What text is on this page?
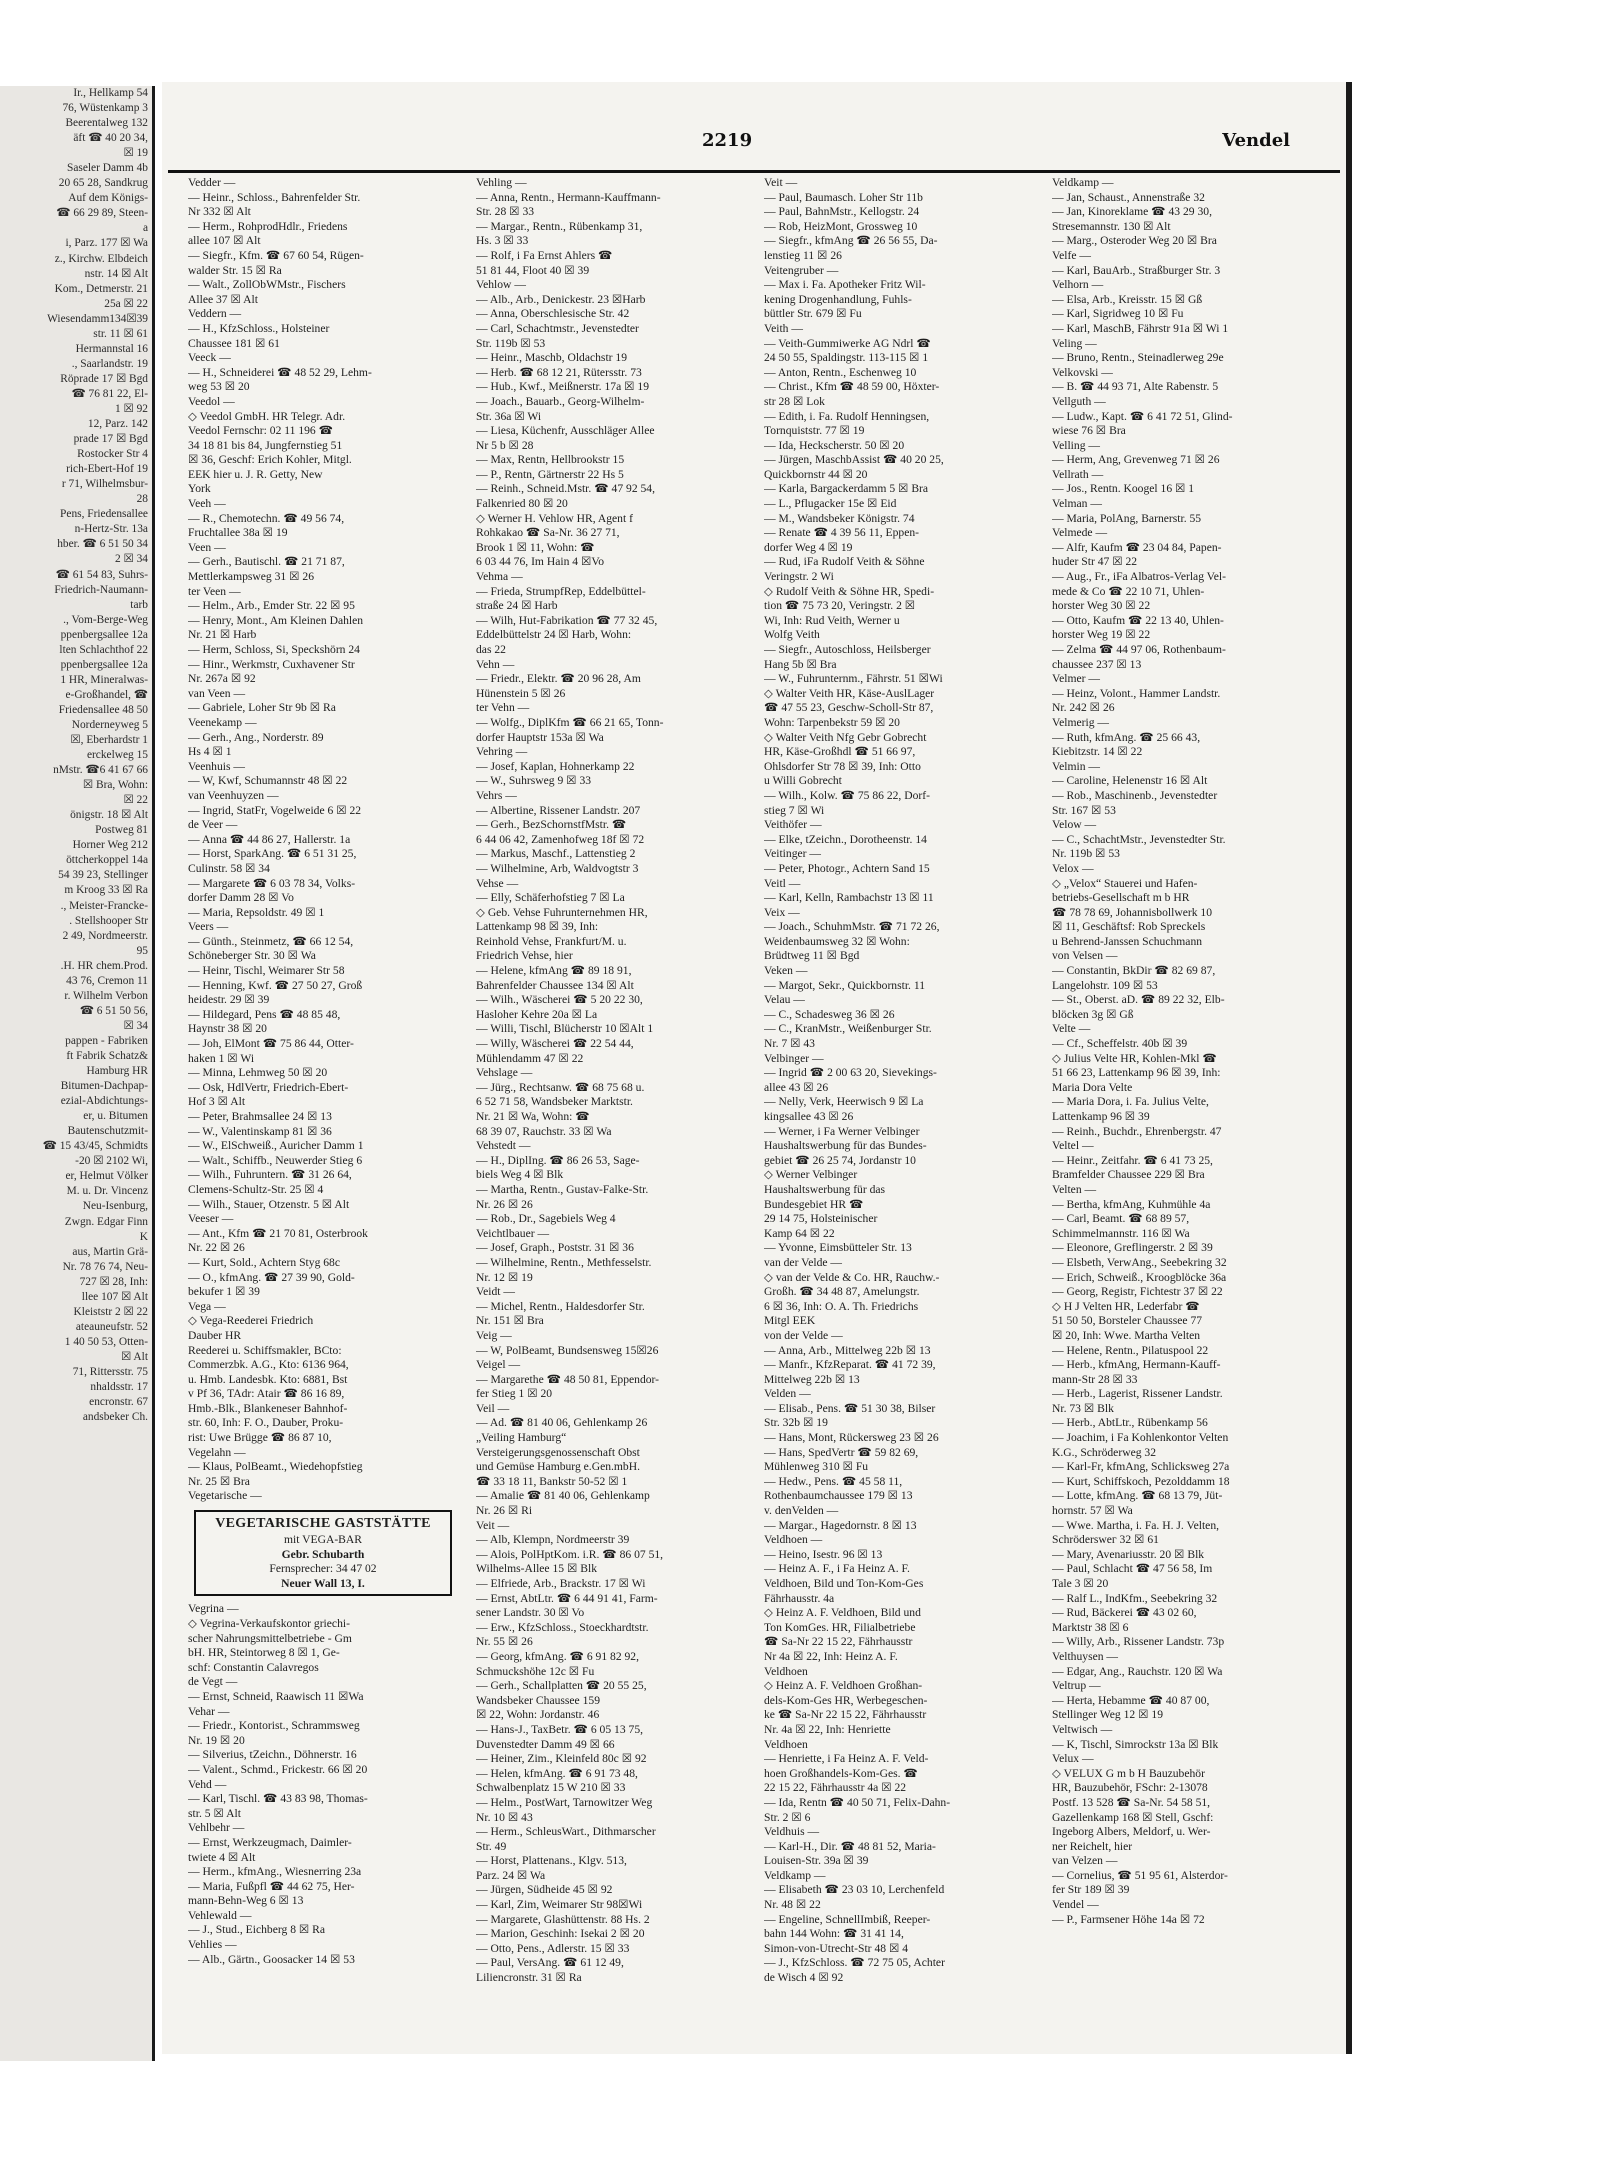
Ir., Hellkamp 54
76, Wüstenkamp 3
Beerentalweg 132
äft ☎ 40 20 34,
☒ 19
Saseler Damm 4b
20 65 28, Sandkrug
Auf dem Königs-
☎ 66 29 89, Steen-
a
i, Parz. 177 ☒ Wa
z., Kirchw. Elbdeich
nstr. 14 ☒ Alt
Kom., Detmerstr. 21
25a ☒ 22
Wiesendamm134☒39
str. 11 ☒ 61
Hermannstal 16
., Saarlandstr. 19
Röpradе 17 ☒ Bgd
☎ 76 81 22, El-
1 ☒ 92
12, Parz. 142
prade 17 ☒ Bgd
Rostocker Str 4
rich-Ebert-Hof 19
r 71, Wilhelmsbur-
28
Pens, Friedensallee
n-Hertz-Str. 13a
hber. ☎ 6 51 50 34
2 ☒ 34
☎ 61 54 83, Suhrs-
Friedrich-Naumann-
tarb
., Vom-Berge-Weg
ppenbergsallee 12a
lten Schlachthof 22
ppenbergsallee 12a
1 HR, Mineralwas-
e-Großhandel, ☎
Friedensallee 48 50
Norderneyweg 5
☒, Eberhardstr 1
erckelweg 15
nMstr. ☎6 41 67 66
☒ Bra, Wohn:
☒ 22
önigstr. 18 ☒ Alt
Postweg 81
Horner Weg 212
öttcherkoppel 14a
54 39 23, Stellinger
m Kroog 33 ☒ Ra
., Meister-Francke-
. Stellshooper Str
2 49, Nordmeerstr.
95
.H. HR chem.Prod.
43 76, Cremon 11
r. Wilhelm Verbon
☎ 6 51 50 56,
☒ 34
pappen - Fabriken
ft Fabrik Schatz&
Hamburg HR
Bitumen-Dachpap-
ezial-Abdichtungs-
er, u. Bitumen
Bautenschutzmit-
☎ 15 43/45, Schmidts
-20 ☒ 2102 Wi,
er, Helmut Völker
M. u. Dr. Vincenz
Neu-Isenburg,
Zwgn. Edgar Finn
K
aus, Martin Grä-
Nr. 78 76 74, Neu-
727 ☒ 28, Inh:
llee 107 ☒ Alt
Kleiststr 2 ☒ 22
ateauneufstr. 52
1 40 50 53, Otten-
☒ Alt
71, Rittersstr. 75
nhaldsstr. 17
encronstr. 67
andsbeker Ch.
2219	Vendel
Vedder —
— Heinr., Schloss., Bahrenfelder Str.
Nr 332 ☒ Alt
— Herm., RohprodHdlr., Friedens
allee 107 ☒ Alt
— Siegfr., Kfm. ☎ 67 60 54, Rügen-
walder Str. 15 ☒ Ra
— Walt., ZollObWMstr., Fischers
Allee 37 ☒ Alt
Veddern —
— H., KfzSchloss., Holsteiner
Chaussee 181 ☒ 61
Veeck —
— H., Schneiderei ☎ 48 52 29, Lehm-
weg 53 ☒ 20
Veedol —
◇ Veedol GmbH. HR Telegr. Adr.
Veedol Fernschr: 02 11 196 ☎
34 18 81 bis 84, Jungfernstieg 51
☒ 36, Geschf: Erich Kohler, Mitgl.
EEK hier u. J. R. Getty, New
York
Veeh —
— R., Chemotechn. ☎ 49 56 74,
Fruchtallee 38a ☒ 19
Veen —
— Gerh., Bautischl. ☎ 21 71 87,
Mettlerkampsweg 31 ☒ 26
ter Veen —
— Helm., Arb., Emder Str. 22 ☒ 95
— Henry, Mont., Am Kleinen Dahlen
Nr. 21 ☒ Harb
— Herm, Schloss, Si, Speckshörn 24
— Hinr., Werkmstr, Cuxhavener Str
Nr. 267a ☒ 92
van Veen —
— Gabriele, Loher Str 9b ☒ Ra
Veenekamp —
— Gerh., Ang., Norderstr. 89
Hs 4 ☒ 1
Veenhuis —
— W, Kwf, Schumannstr 48 ☒ 22
van Veenhuyzen —
— Ingrid, StatFr, Vogelweide 6 ☒ 22
de Veer —
— Anna ☎ 44 86 27, Hallerstr. 1a
— Horst, SparkAng. ☎ 6 51 31 25,
Culinstr. 58 ☒ 34
— Margarete ☎ 6 03 78 34, Volks-
dorfer Damm 28 ☒ Vo
— Maria, Repsoldstr. 49 ☒ 1
Veers —
— Günth., Steinmetz, ☎ 66 12 54,
Schöneberger Str. 30 ☒ Wa
— Heinr, Tischl, Weimarer Str 58
— Henning, Kwf. ☎ 27 50 27, Groß
heidestr. 29 ☒ 39
— Hildegard, Pens ☎ 48 85 48,
Haynstr 38 ☒ 20
— Joh, ElMont ☎ 75 86 44, Otter-
haken 1 ☒ Wi
— Minna, Lehmweg 50 ☒ 20
— Osk, HdlVertr, Friedrich-Ebert-
Hof 3 ☒ Alt
— Peter, Brahmsallee 24 ☒ 13
— W., Valentinskamp 81 ☒ 36
— W., ElSchweiß., Auricher Damm 1
— Walt., Schiffb., Neuwerder Stieg 6
— Wilh., Fuhruntern. ☎ 31 26 64,
Clemens-Schultz-Str. 25 ☒ 4
— Wilh., Stauer, Otzenstr. 5 ☒ Alt
Veeser —
— Ant., Kfm ☎ 21 70 81, Osterbrook
Nr. 22 ☒ 26
— Kurt, Sold., Achtern Styg 68c
— O., kfmAng. ☎ 27 39 90, Gold-
bekufer 1 ☒ 39
Vega —
◇ Vega-Reederei Friedrich
Dauber HR
Reederei u. Schiffsmakler, BCto:
Commerzbk. A.G., Kto: 6136 964,
u. Hmb. Landesbk. Kto: 6881, Bst
v Pf 36, TAdr: Atair ☎ 86 16 89,
Hmb.-Blk., Blankeneser Bahnhof-
str. 60, Inh: F. O., Dauber, Proku-
rist: Uwe Brügge ☎ 86 87 10,
Vegelahn —
— Klaus, PolBeamt., Wiedehopfstieg
Nr. 25 ☒ Bra
Vegetarische —
VEGETARISCHE GASTSTÄTTE
mit VEGA-BAR
Gebr. Schubarth
Fernsprecher: 34 47 02
Neuer Wall 13, I.
Vegrina —
◇ Vegrina-Verkaufskontor griechi-
scher Nahrungsmittelbetriebe - Gm
bH. HR, Steintorweg 8 ☒ 1, Ge-
schf: Constantin Calavregos
de Vegt —
— Ernst, Schneid, Raawisch 11 ☒Wa
Vehar —
— Friedr., Kontorist., Schrammsweg
Nr. 19 ☒ 20
— Silverius, tZeichn., Döhnerstr. 16
— Valent., Schmd., Frickestr. 66 ☒ 20
Vehd —
— Karl, Tischl. ☎ 43 83 98, Thomas-
str. 5 ☒ Alt
Vehlbehr —
— Ernst, Werkzeugmach, Daimler-
twiete 4 ☒ Alt
— Herm., kfmAng., Wiesnerring 23a
— Maria, Fußpfl ☎ 44 62 75, Her-
mann-Behn-Weg 6 ☒ 13
Vehlewald —
— J., Stud., Eichberg 8 ☒ Ra
Vehlies —
— Alb., Gärtn., Goosacker 14 ☒ 53
Vehling —
— Anna, Rentn., Hermann-Kauffmann-
Str. 28 ☒ 33
— Margar., Rentn., Rübenkamp 31,
Hs. 3 ☒ 33
— Rolf, i Fa Ernst Ahlers ☎
51 81 44, Floot 40 ☒ 39
Vehlow —
— Alb., Arb., Denickestr. 23 ☒Harb
— Anna, Oberschlesische Str. 42
— Carl, Schachtmstr., Jevenstedter
Str. 119b ☒ 53
— Heinr., Maschb, Oldachstr 19
— Herb. ☎ 68 12 21, Rütersstr. 73
— Hub., Kwf., Meißnerstr. 17a ☒ 19
— Joach., Bauarb., Georg-Wilhelm-
Str. 36a ☒ Wi
— Liesa, Küchenfr, Ausschläger Allee
Nr 5 b ☒ 28
— Max, Rentn, Hellbrookstr 15
— P., Rentn, Gärtnerstr 22 Hs 5
— Reinh., Schneid.Mstr. ☎ 47 92 54,
Falkenried 80 ☒ 20
◇ Werner H. Vehlow HR, Agent f
Rohkakao ☎ Sa-Nr. 36 27 71,
Brook 1 ☒ 11, Wohn: ☎
6 03 44 76, Im Hain 4 ☒Vo
Vehma —
— Frieda, StrumpfRep, Eddelbüttel-
straße 24 ☒ Harb
— Wilh, Hut-Fabrikation ☎ 77 32 45,
Eddelbüttelstr 24 ☒ Harb, Wohn:
das 22
Vehn —
— Friedr., Elektr. ☎ 20 96 28, Am
Hünenstein 5 ☒ 26
ter Vehn —
— Wolfg., DiplKfm ☎ 66 21 65, Tonn-
dorfer Hauptstr 153a ☒ Wa
Vehring —
— Josef, Kaplan, Hohnerkamp 22
— W., Suhrsweg 9 ☒ 33
Vehrs —
— Albertine, Rissener Landstr. 207
— Gerh., BezSchornstfMstr. ☎
6 44 06 42, Zamenhofweg 18f ☒ 72
— Markus, Maschf., Lattenstieg 2
— Wilhelmine, Arb, Waldvogtstr 3
Vehse —
— Elly, Schäferhofstieg 7 ☒ La
◇ Geb. Vehse Fuhrunternehmen HR,
Lattenkamp 98 ☒ 39, Inh:
Reinhold Vehse, Frankfurt/M. u.
Friedrich Vehse, hier
— Helene, kfmAng ☎ 89 18 91,
Bahrenfelder Chaussee 134 ☒ Alt
— Wilh., Wäscherei ☎ 5 20 22 30,
Hasloher Kehre 20a ☒ La
— Willi, Tischl, Blücherstr 10 ☒Alt 1
— Willy, Wäscherei ☎ 22 54 44,
Mühlendamm 47 ☒ 22
Vehslage —
— Jürg., Rechtsanw. ☎ 68 75 68 u.
6 52 71 58, Wandsbeker Marktstr.
Nr. 21 ☒ Wa, Wohn: ☎
68 39 07, Rauchstr. 33 ☒ Wa
Vehstedt —
— H., DiplIng. ☎ 86 26 53, Sage-
biels Weg 4 ☒ Blk
— Martha, Rentn., Gustav-Falke-Str.
Nr. 26 ☒ 26
— Rob., Dr., Sagebiels Weg 4
Veichtlbauer —
— Josef, Graph., Poststr. 31 ☒ 36
— Wilhelmine, Rentn., Methfesselstr.
Nr. 12 ☒ 19
Veidt —
— Michel, Rentn., Haldesdorfer Str.
Nr. 151 ☒ Bra
Veig —
— W, PolBeamt, Bundsensweg 15☒26
Veigel —
— Margarethe ☎ 48 50 81, Eppendor-
fer Stieg 1 ☒ 20
Veil —
— Ad. ☎ 81 40 06, Gehlenkamp 26
„Veiling Hamburg“
Versteigerungsgenossenschaft Obst
und Gemüse Hamburg e.Gen.mbH.
☎ 33 18 11, Bankstr 50-52 ☒ 1
— Amalie ☎ 81 40 06, Gehlenkamp
Nr. 26 ☒ Ri
Veit —
— Alb, Klempn, Nordmeerstr 39
— Alois, PolHptKom. i.R. ☎ 86 07 51,
Wilhelms-Allee 15 ☒ Blk
— Elfriede, Arb., Brackstr. 17 ☒ Wi
— Ernst, AbtLtr. ☎ 6 44 91 41, Farm-
sener Landstr. 30 ☒ Vo
— Erw., KfzSchloss., Stoeckhardtstr.
Nr. 55 ☒ 26
— Georg, kfmAng. ☎ 6 91 82 92,
Schmuckshöhe 12c ☒ Fu
— Gerh., Schallplatten ☎ 20 55 25,
Wandsbeker Chaussee 159
☒ 22, Wohn: Jordanstr. 46
— Hans-J., TaxBetr. ☎ 6 05 13 75,
Duvenstedter Damm 49 ☒ 66
— Heiner, Zim., Kleinfeld 80c ☒ 92
— Helen, kfmAng. ☎ 6 91 73 48,
Schwalbenplatz 15 W 210 ☒ 33
— Helm., PostWart, Tarnowitzer Weg
Nr. 10 ☒ 43
— Herm., SchleusWart., Dithmarscher
Str. 49
— Horst, Plattenans., Klgv. 513,
Parz. 24 ☒ Wa
— Jürgen, Südheide 45 ☒ 92
— Karl, Zim, Weimarer Str 98☒Wi
— Margarete, Glashüttenstr. 88 Hs. 2
— Marion, Geschinh: Isekai 2 ☒ 20
— Otto, Pens., Adlerstr. 15 ☒ 33
— Paul, VersAng. ☎ 61 12 49,
Liliencronstr. 31 ☒ Ra
Veit —
— Paul, Baumasch. Loher Str 11b
— Paul, BahnMstr., Kellogstr. 24
— Rob, HeizMont, Grossweg 10
— Siegfr., kfmAng ☎ 26 56 55, Da-
lenstieg 11 ☒ 26
Veitengruber —
— Max i. Fa. Apotheker Fritz Wil-
kening Drogenhandlung, Fuhls-
büttler Str. 679 ☒ Fu
Veith —
— Veith-Gummiwerke AG Ndrl ☎
24 50 55, Spaldingstr. 113-115 ☒ 1
— Anton, Rentn., Eschenweg 10
— Christ., Kfm ☎ 48 59 00, Höxter-
str 28 ☒ Lok
— Edith, i. Fa. Rudolf Henningsen,
Tornquiststr. 77 ☒ 19
— Ida, Heckscherstr. 50 ☒ 20
— Jürgen, MaschbAssist ☎ 40 20 25,
Quickbornstr 44 ☒ 20
— Karla, Bargackerdamm 5 ☒ Bra
— L., Pflugacker 15e ☒ Eid
— M., Wandsbeker Königstr. 74
— Renate ☎ 4 39 56 11, Eppen-
dorfer Weg 4 ☒ 19
— Rud, iFa Rudolf Veith & Söhne
Veringstr. 2 Wi
◇ Rudolf Veith & Söhne HR, Spedi-
tion ☎ 75 73 20, Veringstr. 2 ☒
Wi, Inh: Rud Veith, Werner u
Wolfg Veith
— Siegfr., Autoschloss, Heilsberger
Hang 5b ☒ Bra
— W., Fuhrunternm., Fährstr. 51 ☒Wi
◇ Walter Veith HR, Käse-AuslLager
☎ 47 55 23, Geschw-Scholl-Str 87,
Wohn: Tarpenbekstr 59 ☒ 20
◇ Walter Veith Nfg Gebr Gobrecht
HR, Käse-Großhdl ☎ 51 66 97,
Ohlsdorfer Str 78 ☒ 39, Inh: Otto
u Willi Gobrecht
— Wilh., Kolw. ☎ 75 86 22, Dorf-
stieg 7 ☒ Wi
Veithöfer —
— Elke, tZeichn., Dorotheenstr. 14
Veitinger —
— Peter, Photogr., Achtern Sand 15
Veitl —
— Karl, Kelln, Rambachstr 13 ☒ 11
Veix —
— Joach., SchuhmMstr. ☎ 71 72 26,
Weidenbaumsweg 32 ☒ Wohn:
Brüdtweg 11 ☒ Bgd
Veken —
— Margot, Sekr., Quickbornstr. 11
Velau —
— C., Schadesweg 36 ☒ 26
— C., KranMstr., Weißenburger Str.
Nr. 7 ☒ 43
Velbinger —
— Ingrid ☎ 2 00 63 20, Sievekings-
allee 43 ☒ 26
— Nelly, Verk, Heerwisch 9 ☒ La
kingsallee 43 ☒ 26
— Werner, i Fa Werner Velbinger
Haushaltswerbung für das Bundes-
gebiet ☎ 26 25 74, Jordanstr 10
◇ Werner Velbinger
Haushaltswerbung für das
Bundesgebiet HR ☎
29 14 75, Holsteinischer
Kamp 64 ☒ 22
— Yvonne, Eimsbütteler Str. 13
van der Velde —
◇ van der Velde & Co. HR, Rauchw.-
Großh. ☎ 34 48 87, Amelungstr.
6 ☒ 36, Inh: O. A. Th. Friedrichs
Mitgl EEK
von der Velde —
— Anna, Arb., Mittelweg 22b ☒ 13
— Manfr., KfzReparat. ☎ 41 72 39,
Mittelweg 22b ☒ 13
Velden —
— Elisab., Pens. ☎ 51 30 38, Bilser
Str. 32b ☒ 19
— Hans, Mont, Rückersweg 23 ☒ 26
— Hans, SpedVertr ☎ 59 82 69,
Mühlenweg 310 ☒ Fu
— Hedw., Pens. ☎ 45 58 11,
Rothenbaumchaussee 179 ☒ 13
v. denVelden —
— Margar., Hagedornstr. 8 ☒ 13
Veldhoen —
— Heino, Isestr. 96 ☒ 13
— Heinz A. F., i Fa Heinz A. F.
Veldhoen, Bild und Ton-Kom-Ges
Fährhausstr. 4a
◇ Heinz A. F. Veldhoen, Bild und
Ton KomGes. HR, Filialbetriebe
☎ Sa-Nr 22 15 22, Fährhausstr
Nr 4a ☒ 22, Inh: Heinz A. F.
Veldhoen
◇ Heinz A. F. Veldhoen Großhan-
dels-Kom-Ges HR, Werbegeschen-
ke ☎ Sa-Nr 22 15 22, Fährhausstr
Nr. 4a ☒ 22, Inh: Henriette
Veldhoen
— Henriette, i Fa Heinz A. F. Veld-
hoen Großhandels-Kom-Ges. ☎
22 15 22, Fährhausstr 4a ☒ 22
— Ida, Rentn ☎ 40 50 71, Felix-Dahn-
Str. 2 ☒ 6
Veldhuis —
— Karl-H., Dir. ☎ 48 81 52, Maria-
Louisen-Str. 39a ☒ 39
Veldkamp —
— Elisabeth ☎ 23 03 10, Lerchenfeld
Nr. 48 ☒ 22
— Engeline, SchnellImbiß, Reeper-
bahn 144 Wohn: ☎ 31 41 14,
Simon-von-Utrecht-Str 48 ☒ 4
— J., KfzSchloss. ☎ 72 75 05, Achter
de Wisch 4 ☒ 92
Veldkamp —
— Jan, Schaust., Annenstraße 32
— Jan, Kinoreklame ☎ 43 29 30,
Stresemannstr. 130 ☒ Alt
— Marg., Osteroder Weg 20 ☒ Bra
Velfe —
— Karl, BauArb., Straßburger Str. 3
Velhorn —
— Elsa, Arb., Kreisstr. 15 ☒ Gß
— Karl, Sigridweg 10 ☒ Fu
— Karl, MaschB, Fährstr 91a ☒ Wi 1
Veling —
— Bruno, Rentn., Steinadlerweg 29e
Velkovski —
— B. ☎ 44 93 71, Alte Rabenstr. 5
Vellguth —
— Ludw., Kapt. ☎ 6 41 72 51, Glind-
wiese 76 ☒ Bra
Velling —
— Herm, Ang, Grevenweg 71 ☒ 26
Vellrath —
— Jos., Rentn. Koogel 16 ☒ 1
Velman —
— Maria, PolAng, Barnerstr. 55
Velmede —
— Alfr, Kaufm ☎ 23 04 84, Papen-
huder Str 47 ☒ 22
— Aug., Fr., iFa Albatros-Verlag Vel-
mede & Co ☎ 22 10 71, Uhlen-
horster Weg 30 ☒ 22
— Otto, Kaufm ☎ 22 13 40, Uhlen-
horster Weg 19 ☒ 22
— Zelma ☎ 44 97 06, Rothenbaum-
chaussee 237 ☒ 13
Velmer —
— Heinz, Volont., Hammer Landstr.
Nr. 242 ☒ 26
Velmerig —
— Ruth, kfmAng. ☎ 25 66 43,
Kiebitzstr. 14 ☒ 22
Velmin —
— Caroline, Helenenstr 16 ☒ Alt
— Rob., Maschinenb., Jevenstedter
Str. 167 ☒ 53
Velow —
— C., SchachtMstr., Jevenstedter Str.
Nr. 119b ☒ 53
Velox —
◇ „Velox“ Stauerei und Hafen-
betriebs-Gesellschaft m b HR
☎ 78 78 69, Johannisbollwerk 10
☒ 11, Geschäftsf: Rob Spreckels
u Behrend-Janssen Schuchmann
von Velsen —
— Constantin, BkDir ☎ 82 69 87,
Langelohstr. 109 ☒ 53
— St., Oberst. aD. ☎ 89 22 32, Elb-
blöcken 3g ☒ Gß
Velte —
— Cf., Scheffelstr. 40b ☒ 39
◇ Julius Velte HR, Kohlen-Mkl ☎
51 66 23, Lattenkamp 96 ☒ 39, Inh:
Maria Dora Velte
— Maria Dora, i. Fa. Julius Velte,
Lattenkamp 96 ☒ 39
— Reinh., Buchdr., Ehrenbergstr. 47
Veltel —
— Heinr., Zeitfahr. ☎ 6 41 73 25,
Bramfelder Chaussee 229 ☒ Bra
Velten —
— Bertha, kfmAng, Kuhmühle 4a
— Carl, Beamt. ☎ 68 89 57,
Schimmelmannstr. 116 ☒ Wa
— Eleonore, Greflingerstr. 2 ☒ 39
— Elsbeth, VerwAng., Seebekring 32
— Erich, Schweiß., Kroogblöcke 36a
— Georg, Registr, Fichtestr 37 ☒ 22
◇ H J Velten HR, Lederfabr ☎
51 50 50, Borsteler Chaussee 77
☒ 20, Inh: Wwe. Martha Velten
— Helene, Rentn., Pilatuspool 22
— Herb., kfmAng, Hermann-Kauff-
mann-Str 28 ☒ 33
— Herb., Lagerist, Rissener Landstr.
Nr. 73 ☒ Blk
— Herb., AbtLtr., Rübenkamp 56
— Joachim, i Fa Kohlenkontor Velten
K.G., Schröderweg 32
— Karl-Fr, kfmAng, Schlicksweg 27a
— Kurt, Schiffskoch, Pezolddamm 18
— Lotte, kfmAng. ☎ 68 13 79, Jüt-
hornstr. 57 ☒ Wa
— Wwe. Martha, i. Fa. H. J. Velten,
Schröderswег 32 ☒ 61
— Mary, Avenariusstr. 20 ☒ Blk
— Paul, Schlacht ☎ 47 56 58, Im
Tale 3 ☒ 20
— Ralf L., IndKfm., Seebekring 32
— Rud, Bäckerei ☎ 43 02 60,
Marktstr 38 ☒ 6
— Willy, Arb., Rissener Landstr. 73p
Velthuysen —
— Edgar, Ang., Rauchstr. 120 ☒ Wa
Veltrup —
— Herta, Hebamme ☎ 40 87 00,
Stellinger Weg 12 ☒ 19
Veltwisch —
— K, Tischl, Simrockstr 13a ☒ Blk
Velux —
◇ VELUX G m b H Bauzubehör
HR, Bauzubehör, FSchr: 2-13078
Postf. 13 528 ☎ Sa-Nr. 54 58 51,
Gazellenkamp 168 ☒ Stell, Gschf:
Ingeborg Albers, Meldorf, u. Wer-
ner Reichelt, hier
van Velzen —
— Cornelius, ☎ 51 95 61, Alsterdor-
fer Str 189 ☒ 39
Vendel —
— P., Farmsener Höhe 14a ☒ 72
